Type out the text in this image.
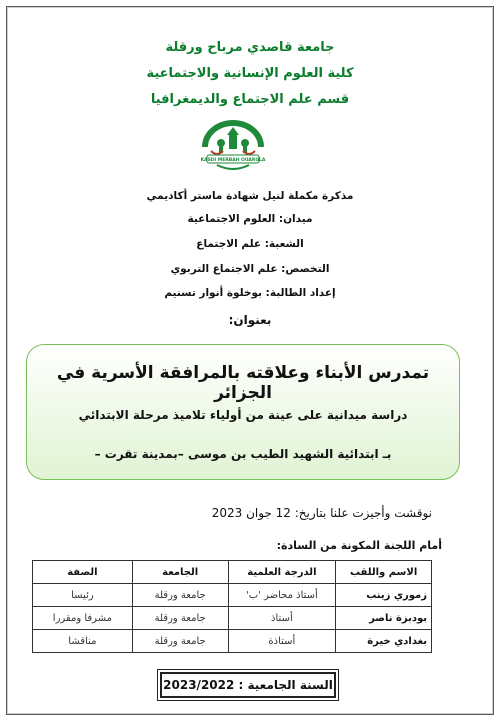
جامعة قاصدي مرباح ورقلة
كلية العلوم الإنسانية والاجتماعية
قسم علم الاجتماع والديمغرافيا
KASDI MERBAH OUARGLA
مذكرة مكملة لنيل شهادة ماستر أكاديمي
ميدان: العلوم الاجتماعية
الشعبة: علم الاجتماع
التخصص: علم الاجتماع التربوي
إعداد الطالبة: بوخلوة أنوار تسنيم
بعنوان:
تمدرس الأبناء وعلاقته بالمرافقة الأسرية في الجزائر
دراسة ميدانية على عينة من أولياء تلاميذ مرحلة الابتدائي
بـ ابتدائية الشهيد الطيب بن موسى –بمدينة تقرت –
نوقشت وأجيزت علنا بتاريخ: 12 جوان 2023
أمام اللجنة المكونة من السادة:
الاسم واللقب	الدرجة العلمية	الجامعة	الصفة
زموري زينب	أستاذ محاضر 'ب'	جامعة ورقلة	رئيسا
بودبزة ناصر	أستاذ	جامعة ورقلة	مشرفا ومقررا
بغدادي خيرة	أستاذة	جامعة ورقلة	مناقشا
السنة الجامعية : 2023/2022
